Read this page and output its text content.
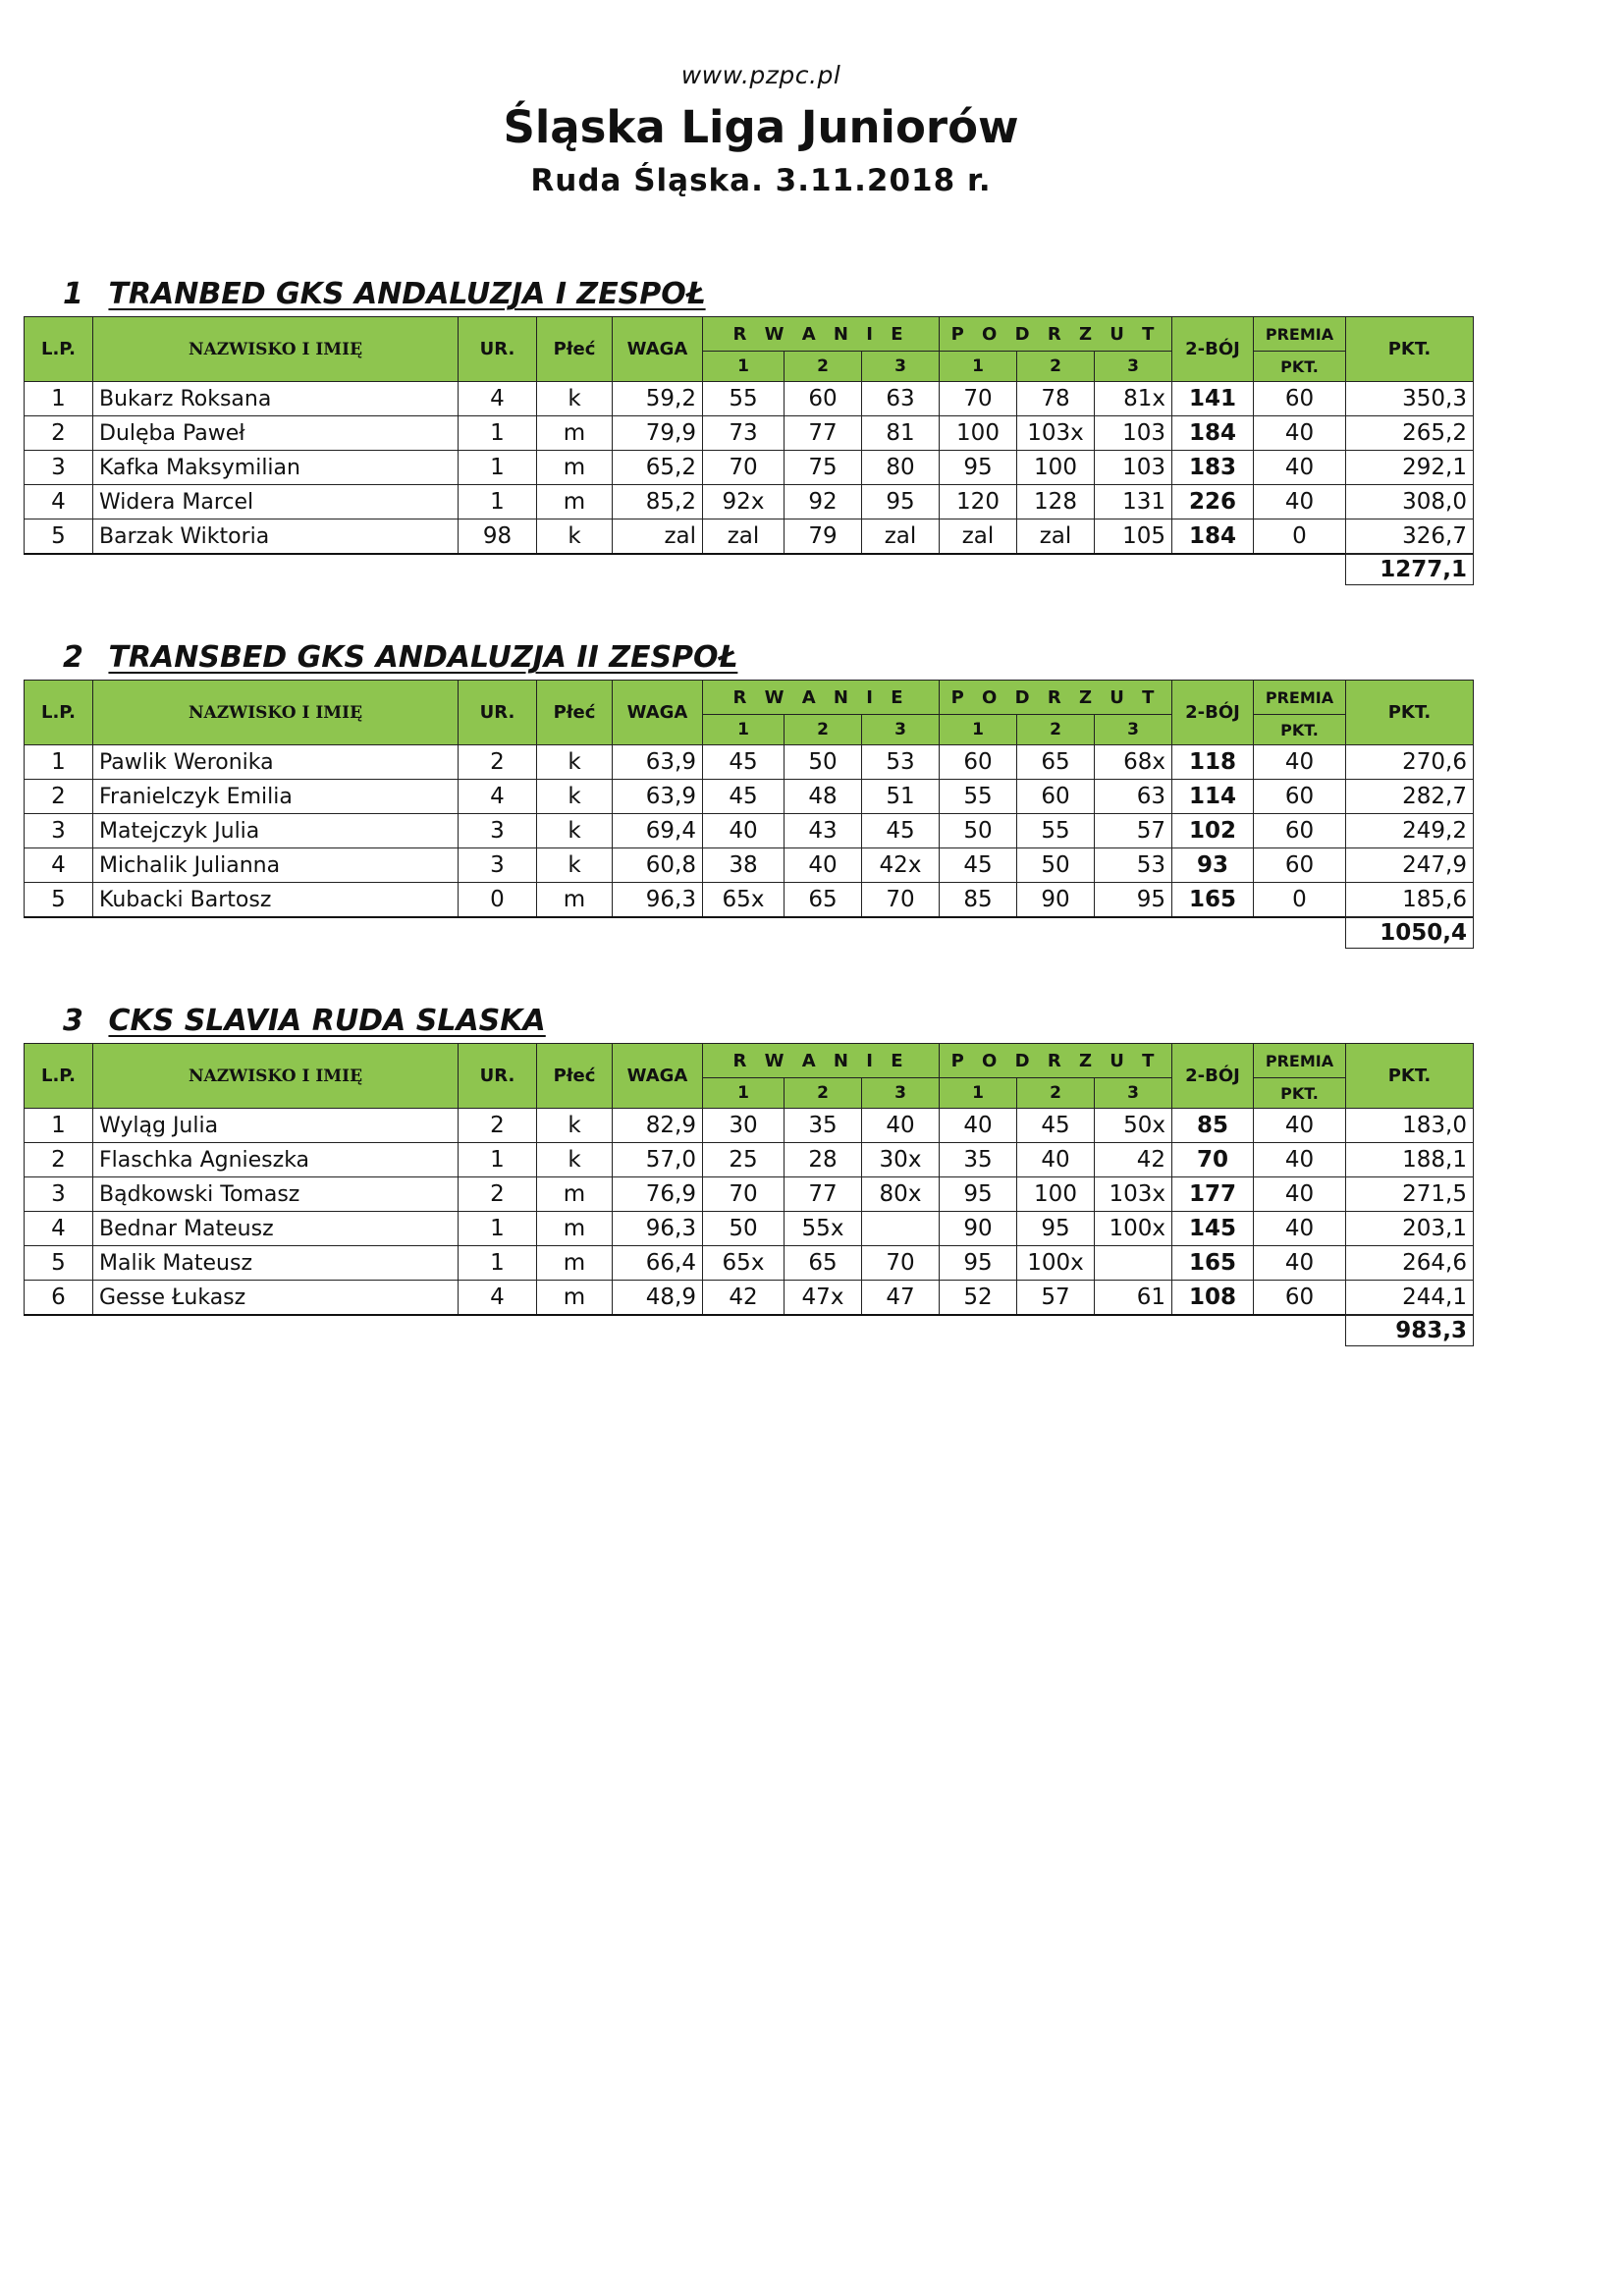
www.pzpc.pl
Śląska Liga Juniorów
Ruda Śląska. 3.11.2018 r.
1 TRANBED GKS ANDALUZJA I ZESPOŁ
L.P.	NAZWISKO I IMIĘ	UR.	Płeć	WAGA	R W A N I E			P O D R Z U T			2-BÓJ	PREMIA	PKT.
					1	2	3	1	2	3		PKT.	
1	Bukarz Roksana	4	k	59,2	55	60	63	70	78	81x	141	60	350,3
2	Dulęba Paweł	1	m	79,9	73	77	81	100	103x	103	184	40	265,2
3	Kafka Maksymilian	1	m	65,2	70	75	80	95	100	103	183	40	292,1
4	Widera Marcel	1	m	85,2	92x	92	95	120	128	131	226	40	308,0
5	Barzak Wiktoria	98	k	zal	zal	79	zal	zal	zal	105	184	0	326,7
													1277,1
2 TRANSBED GKS ANDALUZJA II ZESPOŁ
L.P.	NAZWISKO I IMIĘ	UR.	Płeć	WAGA	R W A N I E			P O D R Z U T			2-BÓJ	PREMIA	PKT.
					1	2	3	1	2	3		PKT.	
1	Pawlik Weronika	2	k	63,9	45	50	53	60	65	68x	118	40	270,6
2	Franielczyk Emilia	4	k	63,9	45	48	51	55	60	63	114	60	282,7
3	Matejczyk Julia	3	k	69,4	40	43	45	50	55	57	102	60	249,2
4	Michalik Julianna	3	k	60,8	38	40	42x	45	50	53	93	60	247,9
5	Kubacki Bartosz	0	m	96,3	65x	65	70	85	90	95	165	0	185,6
													1050,4
3 CKS SLAVIA RUDA SLASKA
L.P.	NAZWISKO I IMIĘ	UR.	Płeć	WAGA	R W A N I E			P O D R Z U T			2-BÓJ	PREMIA	PKT.
					1	2	3	1	2	3		PKT.	
1	Wyląg Julia	2	k	82,9	30	35	40	40	45	50x	85	40	183,0
2	Flaschka Agnieszka	1	k	57,0	25	28	30x	35	40	42	70	40	188,1
3	Bądkowski Tomasz	2	m	76,9	70	77	80x	95	100	103x	177	40	271,5
4	Bednar Mateusz	1	m	96,3	50	55x		90	95	100x	145	40	203,1
5	Malik Mateusz	1	m	66,4	65x	65	70	95	100x		165	40	264,6
6	Gesse Łukasz	4	m	48,9	42	47x	47	52	57	61	108	60	244,1
													983,3
